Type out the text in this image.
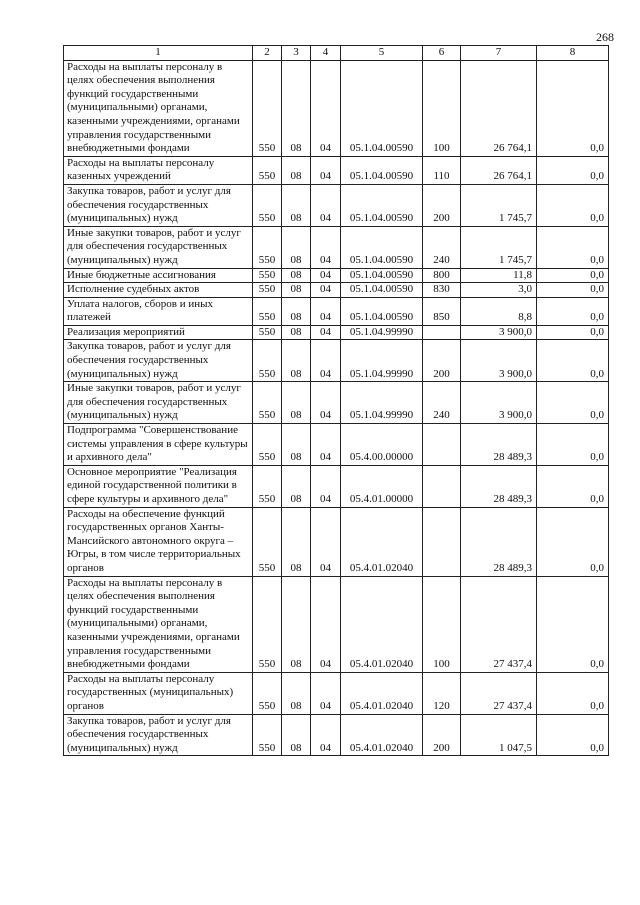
268
1	2	3	4	5	6	7	8
Расходы на выплаты персоналу в целях обеспечения выполнения функций государственными (муниципальными) органами, казенными учреждениями, органами управления государственными внебюджетными фондами	550	08	04	05.1.04.00590	100	26 764,1	0,0
Расходы на выплаты персоналу казенных учреждений	550	08	04	05.1.04.00590	110	26 764,1	0,0
Закупка товаров, работ и услуг для обеспечения государственных (муниципальных) нужд	550	08	04	05.1.04.00590	200	1 745,7	0,0
Иные закупки товаров, работ и услуг для обеспечения государственных (муниципальных) нужд	550	08	04	05.1.04.00590	240	1 745,7	0,0
Иные бюджетные ассигнования	550	08	04	05.1.04.00590	800	11,8	0,0
Исполнение судебных актов	550	08	04	05.1.04.00590	830	3,0	0,0
Уплата налогов, сборов и иных платежей	550	08	04	05.1.04.00590	850	8,8	0,0
Реализация мероприятий	550	08	04	05.1.04.99990		3 900,0	0,0
Закупка товаров, работ и услуг для обеспечения государственных (муниципальных) нужд	550	08	04	05.1.04.99990	200	3 900,0	0,0
Иные закупки товаров, работ и услуг для обеспечения государственных (муниципальных) нужд	550	08	04	05.1.04.99990	240	3 900,0	0,0
Подпрограмма "Совершенствование системы управления в сфере культуры и архивного дела"	550	08	04	05.4.00.00000		28 489,3	0,0
Основное мероприятие "Реализация единой государственной политики в сфере культуры и архивного дела"	550	08	04	05.4.01.00000		28 489,3	0,0
Расходы на обеспечение функций государственных органов Ханты-Мансийского автономного округа – Югры, в том числе территориальных органов	550	08	04	05.4.01.02040		28 489,3	0,0
Расходы на выплаты персоналу в целях обеспечения выполнения функций государственными (муниципальными) органами, казенными учреждениями, органами управления государственными внебюджетными фондами	550	08	04	05.4.01.02040	100	27 437,4	0,0
Расходы на выплаты персоналу государственных (муниципальных) органов	550	08	04	05.4.01.02040	120	27 437,4	0,0
Закупка товаров, работ и услуг для обеспечения государственных (муниципальных) нужд	550	08	04	05.4.01.02040	200	1 047,5	0,0
